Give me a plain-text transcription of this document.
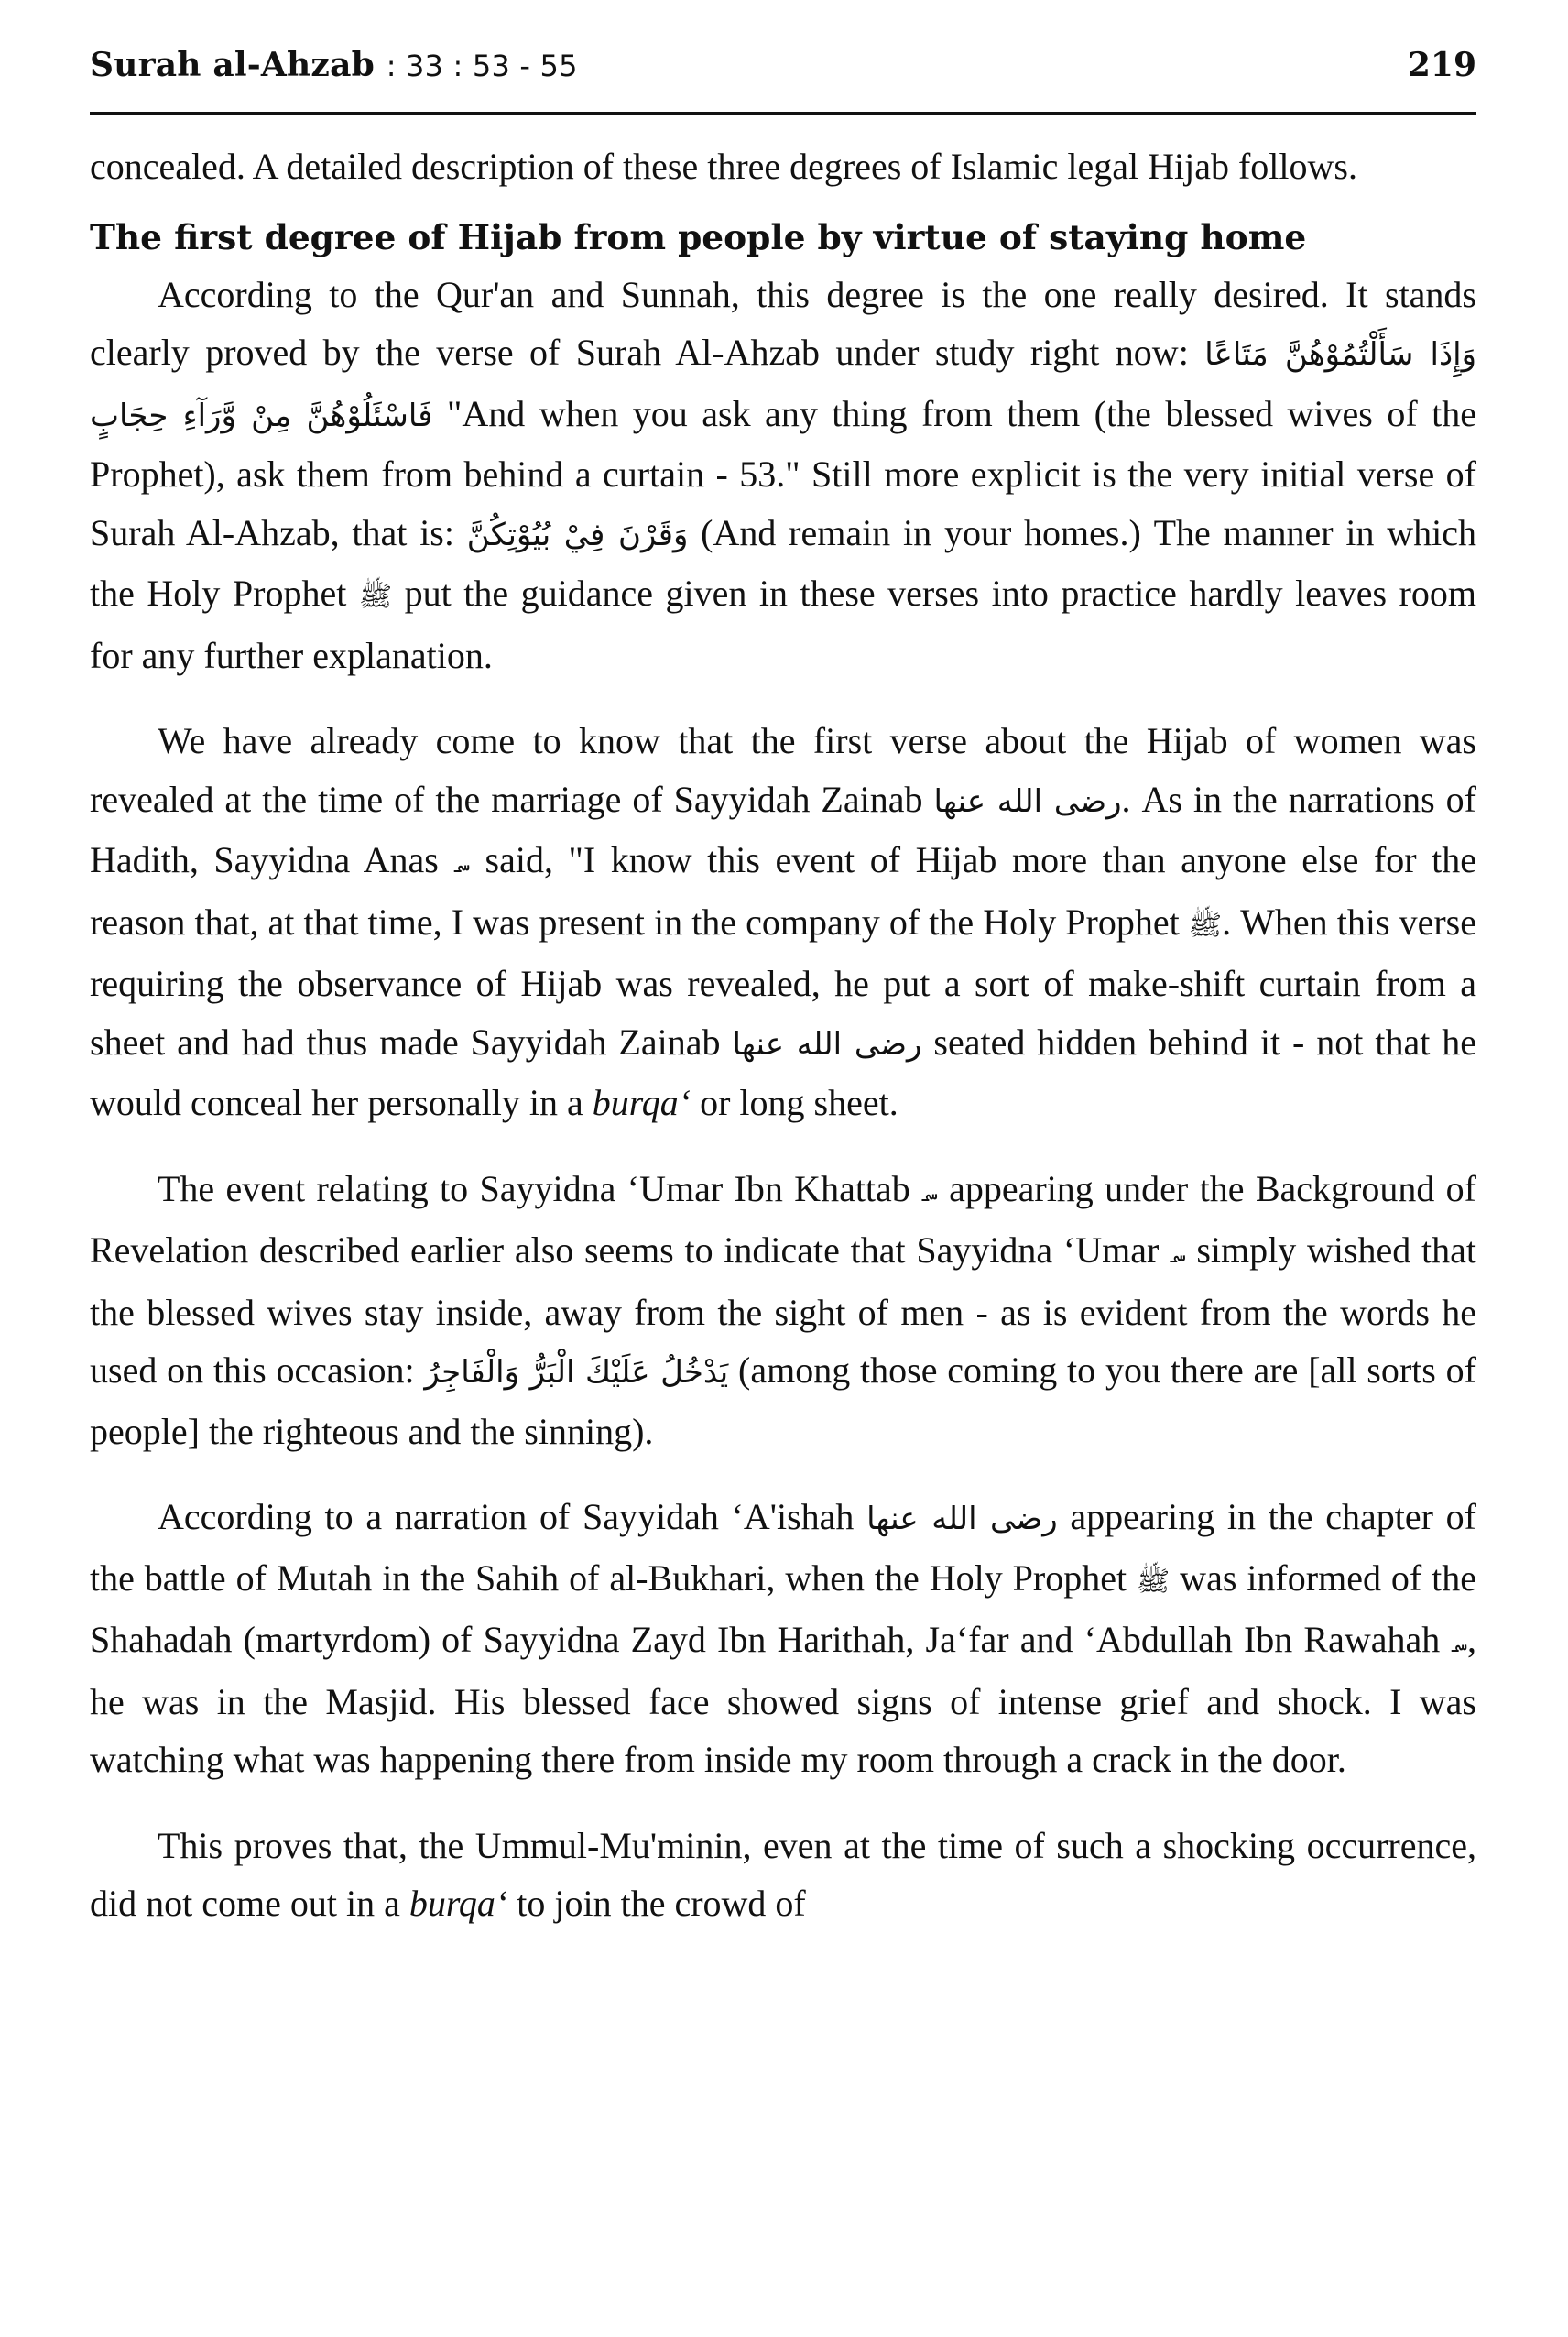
Surah al-Ahzab : 33 : 53 - 55	219

concealed. A detailed description of these three degrees of Islamic legal Hijab follows.

The first degree of Hijab from people by virtue of staying home

According to the Qur'an and Sunnah, this degree is the one really desired. It stands clearly proved by the verse of Surah Al-Ahzab under study right now: وَإِذَا سَأَلْتُمُوْهُنَّ مَتَاعًا فَاسْئَلُوْهُنَّ مِنْ وَّرَآءِ حِجَابٍ "And when you ask any thing from them (the blessed wives of the Prophet), ask them from behind a curtain - 53." Still more explicit is the very initial verse of Surah Al-Ahzab, that is: وَقَرْنَ فِيْ بُيُوْتِكُنَّ (And remain in your homes.) The manner in which the Holy Prophet ﷺ put the guidance given in these verses into practice hardly leaves room for any further explanation.

We have already come to know that the first verse about the Hijab of women was revealed at the time of the marriage of Sayyidah Zainab رضى الله عنها. As in the narrations of Hadith, Sayyidna Anas ؄ said, "I know this event of Hijab more than anyone else for the reason that, at that time, I was present in the company of the Holy Prophet ﷺ. When this verse requiring the observance of Hijab was revealed, he put a sort of make-shift curtain from a sheet and had thus made Sayyidah Zainab رضى الله عنها seated hidden behind it - not that he would conceal her personally in a burqa‘ or long sheet.

The event relating to Sayyidna ‘Umar Ibn Khattab ؄ appearing under the Background of Revelation described earlier also seems to indicate that Sayyidna ‘Umar ؄ simply wished that the blessed wives stay inside, away from the sight of men - as is evident from the words he used on this occasion: يَدْخُلُ عَلَيْكَ الْبَرُّ وَالْفَاجِرُ (among those coming to you there are [all sorts of people] the righteous and the sinning).

According to a narration of Sayyidah ‘A'ishah رضى الله عنها appearing in the chapter of the battle of Mutah in the Sahih of al-Bukhari, when the Holy Prophet ﷺ was informed of the Shahadah (martyrdom) of Sayyidna Zayd Ibn Harithah, Ja‘far and ‘Abdullah Ibn Rawahah ؄, he was in the Masjid. His blessed face showed signs of intense grief and shock. I was watching what was happening there from inside my room through a crack in the door.

This proves that, the Ummul-Mu'minin, even at the time of such a shocking occurrence, did not come out in a burqa‘ to join the crowd of
